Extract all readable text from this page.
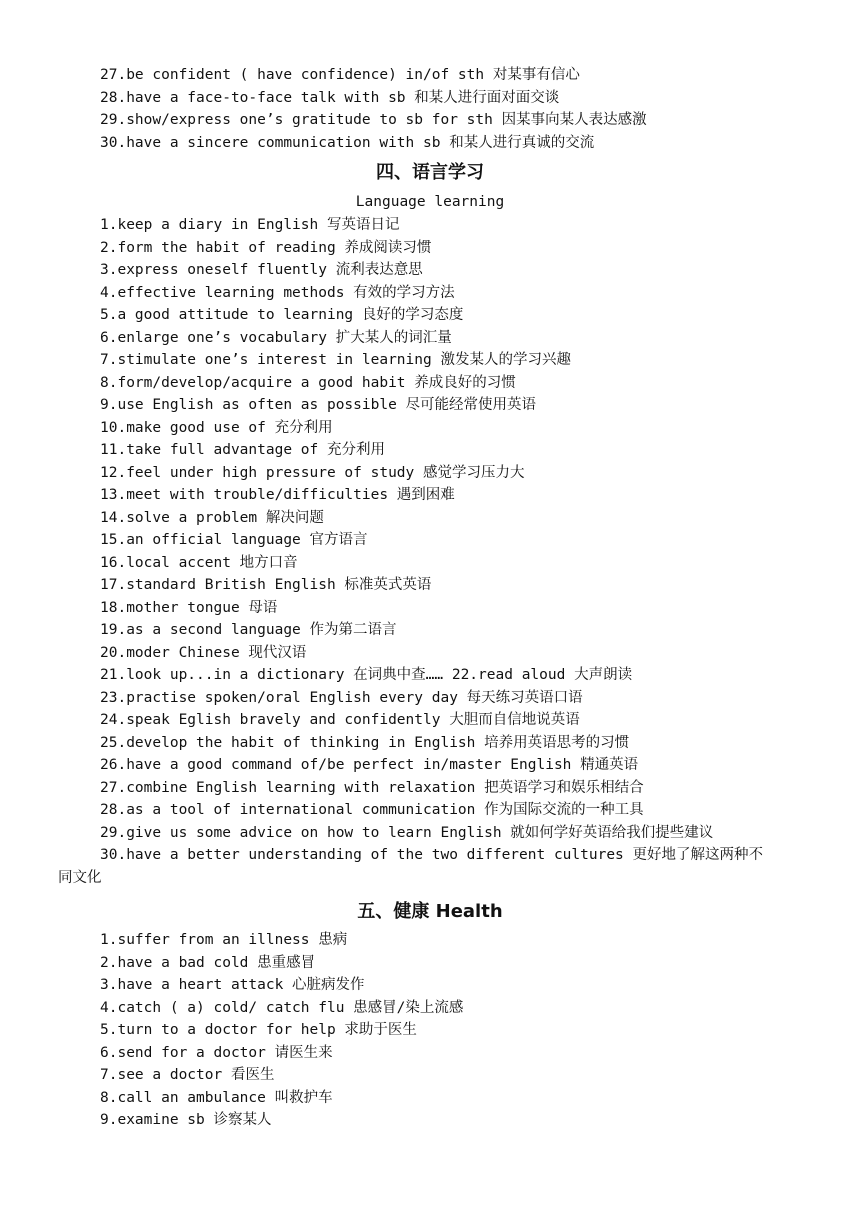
27.be confident ( have confidence) in/of sth 对某事有信心
28.have a face-to-face talk with sb 和某人进行面对面交谈
29.show/express one’s gratitude to sb for sth 因某事向某人表达感激
30.have a sincere communication with sb 和某人进行真诚的交流
四、语言学习
Language learning
1.keep a diary in English 写英语日记
2.form the habit of reading 养成阅读习惯
3.express oneself fluently 流利表达意思
4.effective learning methods 有效的学习方法
5.a good attitude to learning 良好的学习态度
6.enlarge one’s vocabulary 扩大某人的词汇量
7.stimulate one’s interest in learning 激发某人的学习兴趣
8.form/develop/acquire a good habit 养成良好的习惯
9.use English as often as possible 尽可能经常使用英语
10.make good use of 充分利用
11.take full advantage of 充分利用
12.feel under high pressure of study 感觉学习压力大
13.meet with trouble/difficulties 遇到困难
14.solve a problem 解决问题
15.an official language 官方语言
16.local accent 地方口音
17.standard British English 标准英式英语
18.mother tongue 母语
19.as a second language 作为第二语言
20.moder Chinese 现代汉语
21.look up...in a dictionary 在词典中查…… 22.read aloud 大声朗读
23.practise spoken/oral English every day 每天练习英语口语
24.speak Eglish bravely and confidently 大胆而自信地说英语
25.develop the habit of thinking in English 培养用英语思考的习惯
26.have a good command of/be perfect in/master English 精通英语
27.combine English learning with relaxation 把英语学习和娱乐相结合
28.as a tool of international communication 作为国际交流的一种工具
29.give us some advice on how to learn English 就如何学好英语给我们提些建议
30.have a better understanding of the two different cultures 更好地了解这两种不
同文化
五、健康 Health
1.suffer from an illness 患病
2.have a bad cold 患重感冒
3.have a heart attack 心脏病发作
4.catch ( a) cold/ catch flu 患感冒/染上流感
5.turn to a doctor for help 求助于医生
6.send for a doctor 请医生来
7.see a doctor 看医生
8.call an ambulance 叫救护车
9.examine sb 诊察某人
